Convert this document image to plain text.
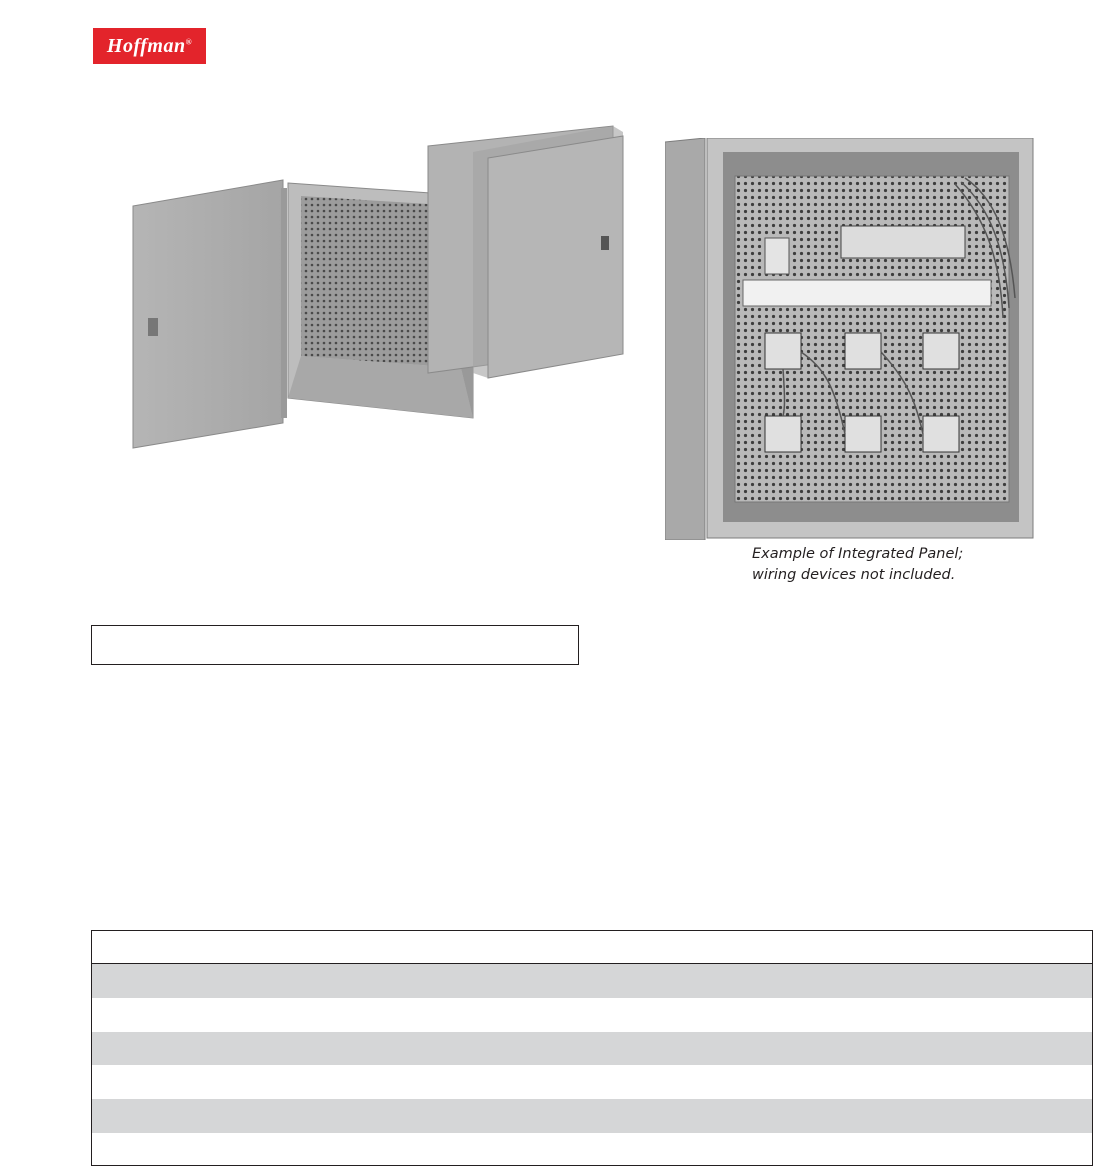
Hoffman®
Example of Integrated Panel;
wiring devices not included.
